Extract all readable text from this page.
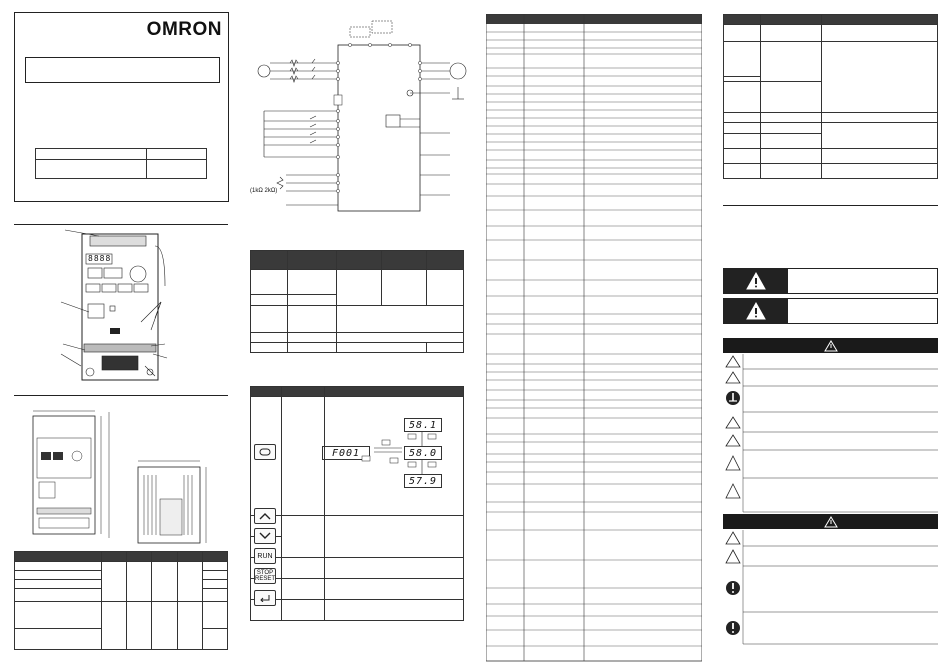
OMRON

8888

(1kΩ 2kΩ)

RUN
STOP
RESET
F001
58.1
58.0
57.9
